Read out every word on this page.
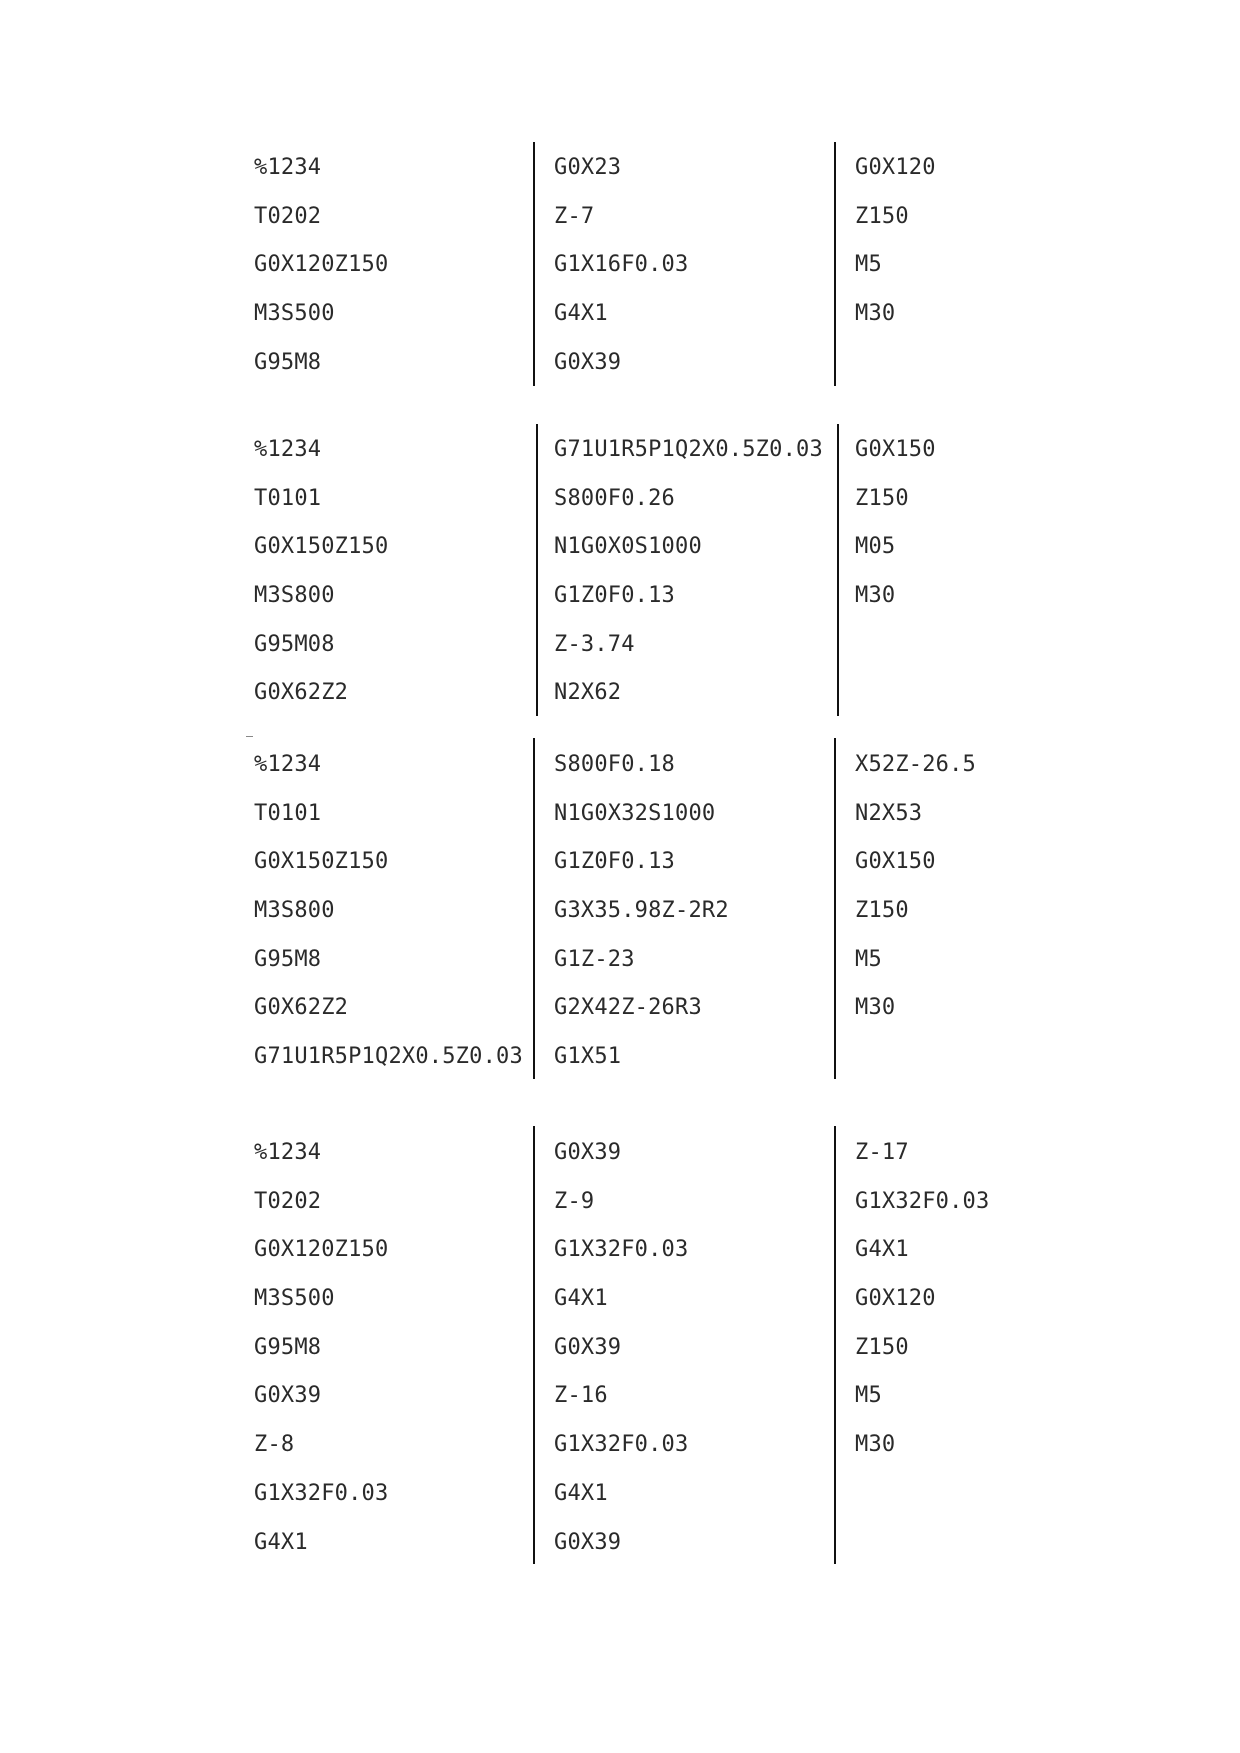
%1234
T0202
G0X120Z150
M3S500
G95M8
G0X23
Z-7
G1X16F0.03
G4X1
G0X39
G0X120
Z150
M5
M30
%1234
T0101
G0X150Z150
M3S800
G95M08
G0X62Z2
G71U1R5P1Q2X0.5Z0.03
S800F0.26
N1G0X0S1000
G1Z0F0.13
Z-3.74
N2X62
G0X150
Z150
M05
M30
%1234
T0101
G0X150Z150
M3S800
G95M8
G0X62Z2
G71U1R5P1Q2X0.5Z0.03
S800F0.18
N1G0X32S1000
G1Z0F0.13
G3X35.98Z-2R2
G1Z-23
G2X42Z-26R3
G1X51
X52Z-26.5
N2X53
G0X150
Z150
M5
M30
%1234
T0202
G0X120Z150
M3S500
G95M8
G0X39
Z-8
G1X32F0.03
G4X1
G0X39
Z-9
G1X32F0.03
G4X1
G0X39
Z-16
G1X32F0.03
G4X1
G0X39
Z-17
G1X32F0.03
G4X1
G0X120
Z150
M5
M30
